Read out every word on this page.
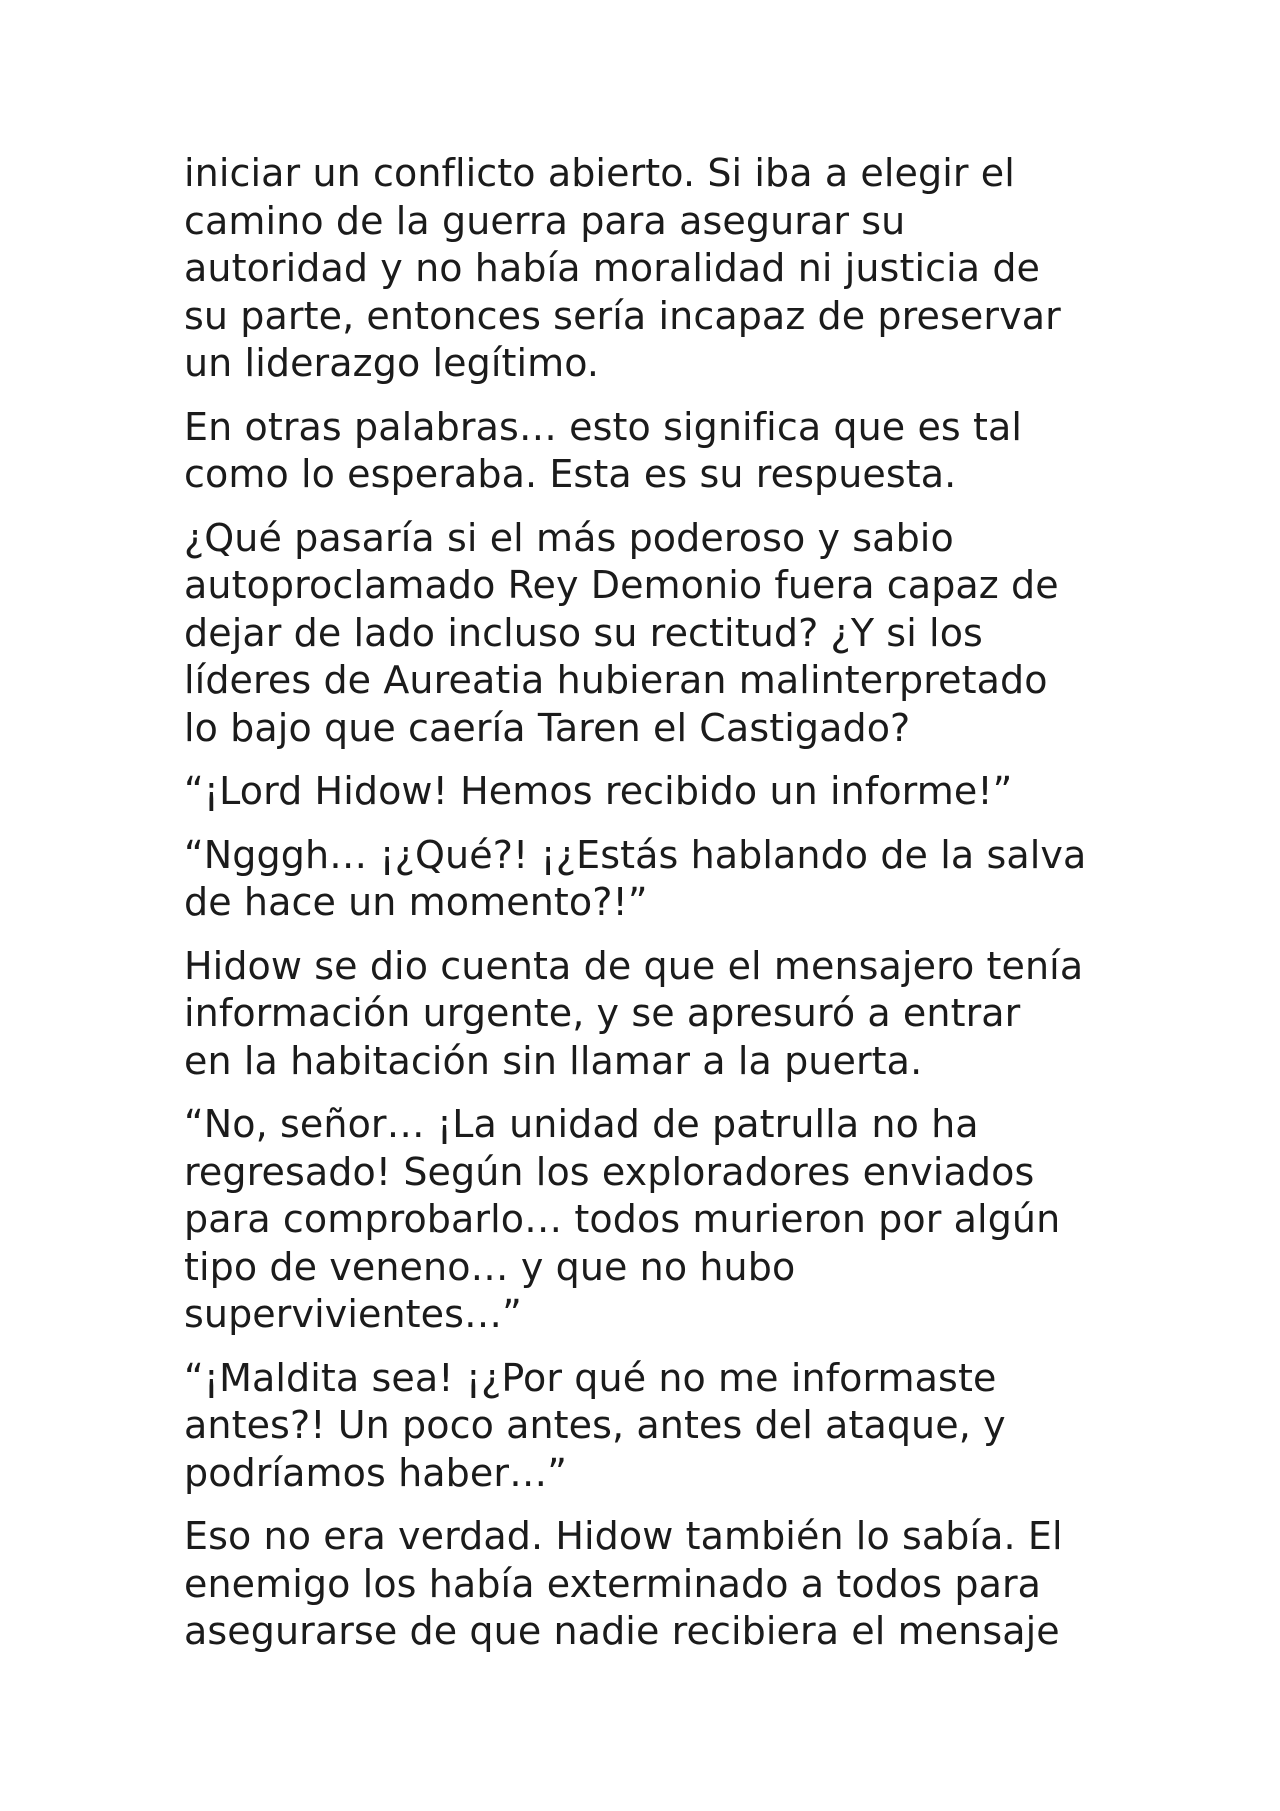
iniciar un conflicto abierto. Si iba a elegir el
camino de la guerra para asegurar su
autoridad y no había moralidad ni justicia de
su parte, entonces sería incapaz de preservar
un liderazgo legítimo.

En otras palabras… esto significa que es tal
como lo esperaba. Esta es su respuesta.

¿Qué pasaría si el más poderoso y sabio
autoproclamado Rey Demonio fuera capaz de
dejar de lado incluso su rectitud? ¿Y si los
líderes de Aureatia hubieran malinterpretado
lo bajo que caería Taren el Castigado?

“¡Lord Hidow! Hemos recibido un informe!”

“Ngggh… ¡¿Qué?! ¡¿Estás hablando de la salva
de hace un momento?!”

Hidow se dio cuenta de que el mensajero tenía
información urgente, y se apresuró a entrar
en la habitación sin llamar a la puerta.

“No, señor… ¡La unidad de patrulla no ha
regresado! Según los exploradores enviados
para comprobarlo… todos murieron por algún
tipo de veneno… y que no hubo
supervivientes…”

“¡Maldita sea! ¡¿Por qué no me informaste
antes?! Un poco antes, antes del ataque, y
podríamos haber…”

Eso no era verdad. Hidow también lo sabía. El
enemigo los había exterminado a todos para
asegurarse de que nadie recibiera el mensaje
